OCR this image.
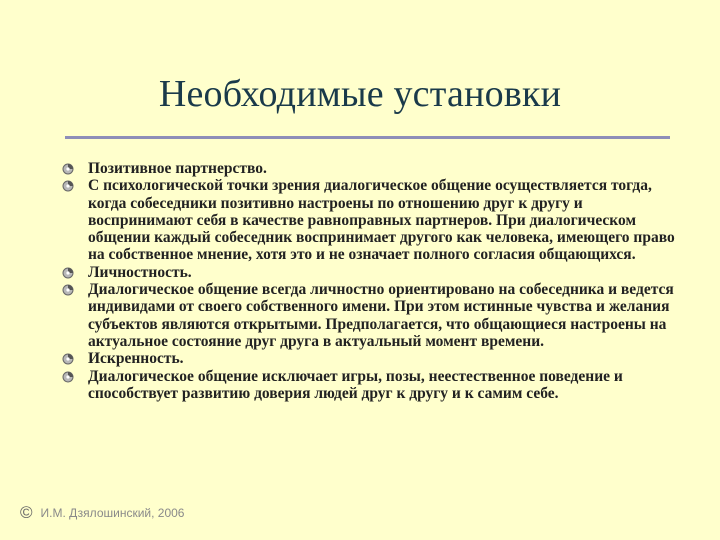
Необходимые установки
Позитивное партнерство.
С психологической точки зрения диалогическое общение осуществляется тогда, когда собеседники позитивно настроены по отношению друг к другу и воспринимают себя в качестве равноправных партнеров. При диалогическом общении каждый собеседник воспринимает другого как человека, имеющего право на собственное мнение, хотя это и не означает полного согласия общающихся.
Личностность.
Диалогическое общение всегда личностно ориентировано на собеседника и ведется индивидами от своего собственного имени. При этом истинные чувства и желания субъектов являются открытыми. Предполагается, что общающиеся настроены на актуальное состояние друг друга в актуальный момент времени.
Искренность.
Диалогическое общение исключает игры, позы, неестественное поведение и способствует развитию доверия людей друг к другу и к самим себе.
© И.М. Дзялошинский, 2006
